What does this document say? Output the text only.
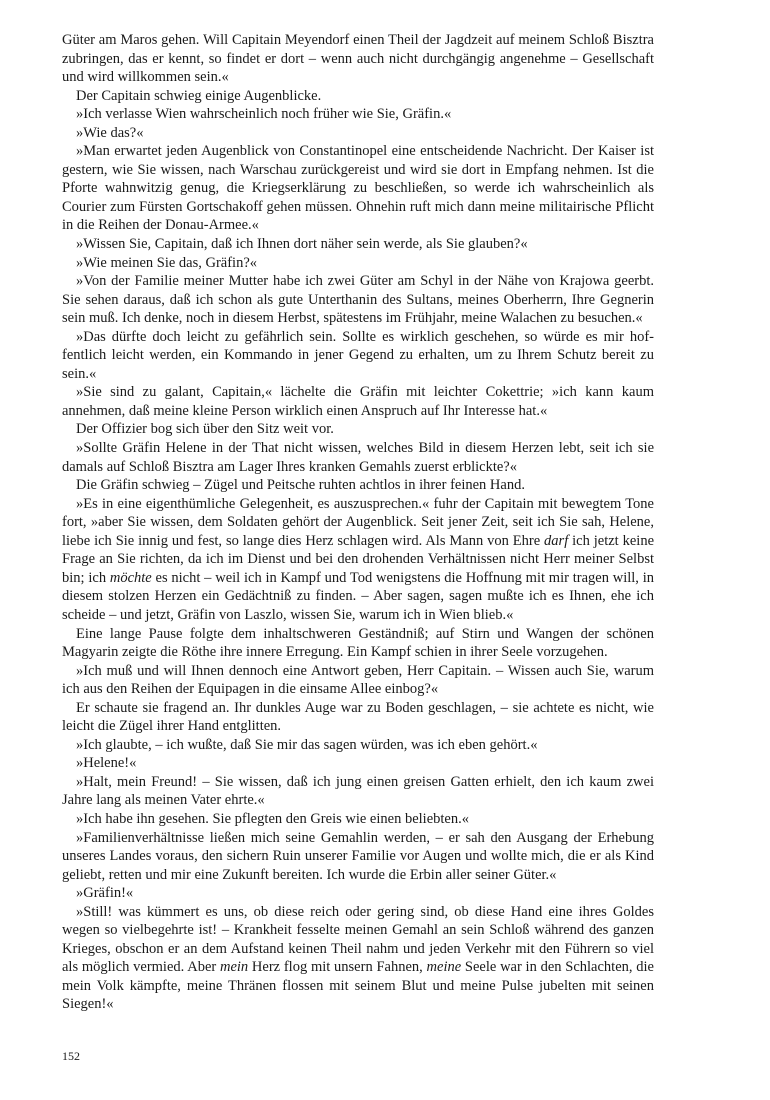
Güter am Maros gehen. Will Capitain Meyendorf einen Theil der Jagdzeit auf meinem Schloß Bisztra zubringen, das er kennt, so findet er dort – wenn auch nicht durchgängig angenehme – Gesellschaft und wird willkommen sein.«

Der Capitain schwieg einige Augenblicke.

»Ich verlasse Wien wahrscheinlich noch früher wie Sie, Gräfin.«

»Wie das?«

»Man erwartet jeden Augenblick von Constantinopel eine entscheidende Nachricht. Der Kaiser ist gestern, wie Sie wissen, nach Warschau zurückgereist und wird sie dort in Empfang nehmen. Ist die Pforte wahnwitzig genug, die Kriegserklärung zu beschließen, so werde ich wahrscheinlich als Courier zum Fürsten Gortschakoff gehen müssen. Ohnehin ruft mich dann meine militairische Pflicht in die Reihen der Donau-Armee.«

»Wissen Sie, Capitain, daß ich Ihnen dort näher sein werde, als Sie glauben?«

»Wie meinen Sie das, Gräfin?«

»Von der Familie meiner Mutter habe ich zwei Güter am Schyl in der Nähe von Krajowa geerbt. Sie sehen daraus, daß ich schon als gute Unterthanin des Sultans, meines Oberherrn, Ihre Gegnerin sein muß. Ich denke, noch in diesem Herbst, spätestens im Frühjahr, meine Walachen zu besuchen.«

»Das dürfte doch leicht zu gefährlich sein. Sollte es wirklich geschehen, so würde es mir hoffentlich leicht werden, ein Kommando in jener Gegend zu erhalten, um zu Ihrem Schutz bereit zu sein.«

»Sie sind zu galant, Capitain,« lächelte die Gräfin mit leichter Cokettrie; »ich kann kaum annehmen, daß meine kleine Person wirklich einen Anspruch auf Ihr Interesse hat.«

Der Offizier bog sich über den Sitz weit vor.

»Sollte Gräfin Helene in der That nicht wissen, welches Bild in diesem Herzen lebt, seit ich sie damals auf Schloß Bisztra am Lager Ihres kranken Gemahls zuerst erblickte?«

Die Gräfin schwieg – Zügel und Peitsche ruhten achtlos in ihrer feinen Hand.

»Es in eine eigenthümliche Gelegenheit, es auszusprechen.« fuhr der Capitain mit bewegtem Tone fort, »aber Sie wissen, dem Soldaten gehört der Augenblick. Seit jener Zeit, seit ich Sie sah, Helene, liebe ich Sie innig und fest, so lange dies Herz schlagen wird. Als Mann von Ehre darf ich jetzt keine Frage an Sie richten, da ich im Dienst und bei den drohenden Verhältnissen nicht Herr meiner Selbst bin; ich möchte es nicht – weil ich in Kampf und Tod wenigstens die Hoffnung mit mir tragen will, in diesem stolzen Herzen ein Gedächtniß zu finden. – Aber sagen, sagen mußte ich es Ihnen, ehe ich scheide – und jetzt, Gräfin von Laszlo, wissen Sie, warum ich in Wien blieb.«

Eine lange Pause folgte dem inhaltschweren Geständniß; auf Stirn und Wangen der schönen Magyarin zeigte die Röthe ihre innere Erregung. Ein Kampf schien in ihrer Seele vorzugehen.

»Ich muß und will Ihnen dennoch eine Antwort geben, Herr Capitain. – Wissen auch Sie, warum ich aus den Reihen der Equipagen in die einsame Allee einbog?«

Er schaute sie fragend an. Ihr dunkles Auge war zu Boden geschlagen, – sie achtete es nicht, wie leicht die Zügel ihrer Hand entglitten.

»Ich glaubte, – ich wußte, daß Sie mir das sagen würden, was ich eben gehört.«

»Helene!«

»Halt, mein Freund! – Sie wissen, daß ich jung einen greisen Gatten erhielt, den ich kaum zwei Jahre lang als meinen Vater ehrte.«

»Ich habe ihn gesehen. Sie pflegten den Greis wie einen beliebten.«

»Familienverhältnisse ließen mich seine Gemahlin werden, – er sah den Ausgang der Erhebung unseres Landes voraus, den sichern Ruin unserer Familie vor Augen und wollte mich, die er als Kind geliebt, retten und mir eine Zukunft bereiten. Ich wurde die Erbin aller seiner Güter.«

»Gräfin!«

»Still! was kümmert es uns, ob diese reich oder gering sind, ob diese Hand eine ihres Goldes wegen so vielbegehrte ist! – Krankheit fesselte meinen Gemahl an sein Schloß während des ganzen Krieges, obschon er an dem Aufstand keinen Theil nahm und jeden Verkehr mit den Führern so viel als möglich vermied. Aber mein Herz flog mit unsern Fahnen, meine Seele war in den Schlachten, die mein Volk kämpfte, meine Thränen flossen mit seinem Blut und meine Pulse jubelten mit seinen Siegen!«

152
